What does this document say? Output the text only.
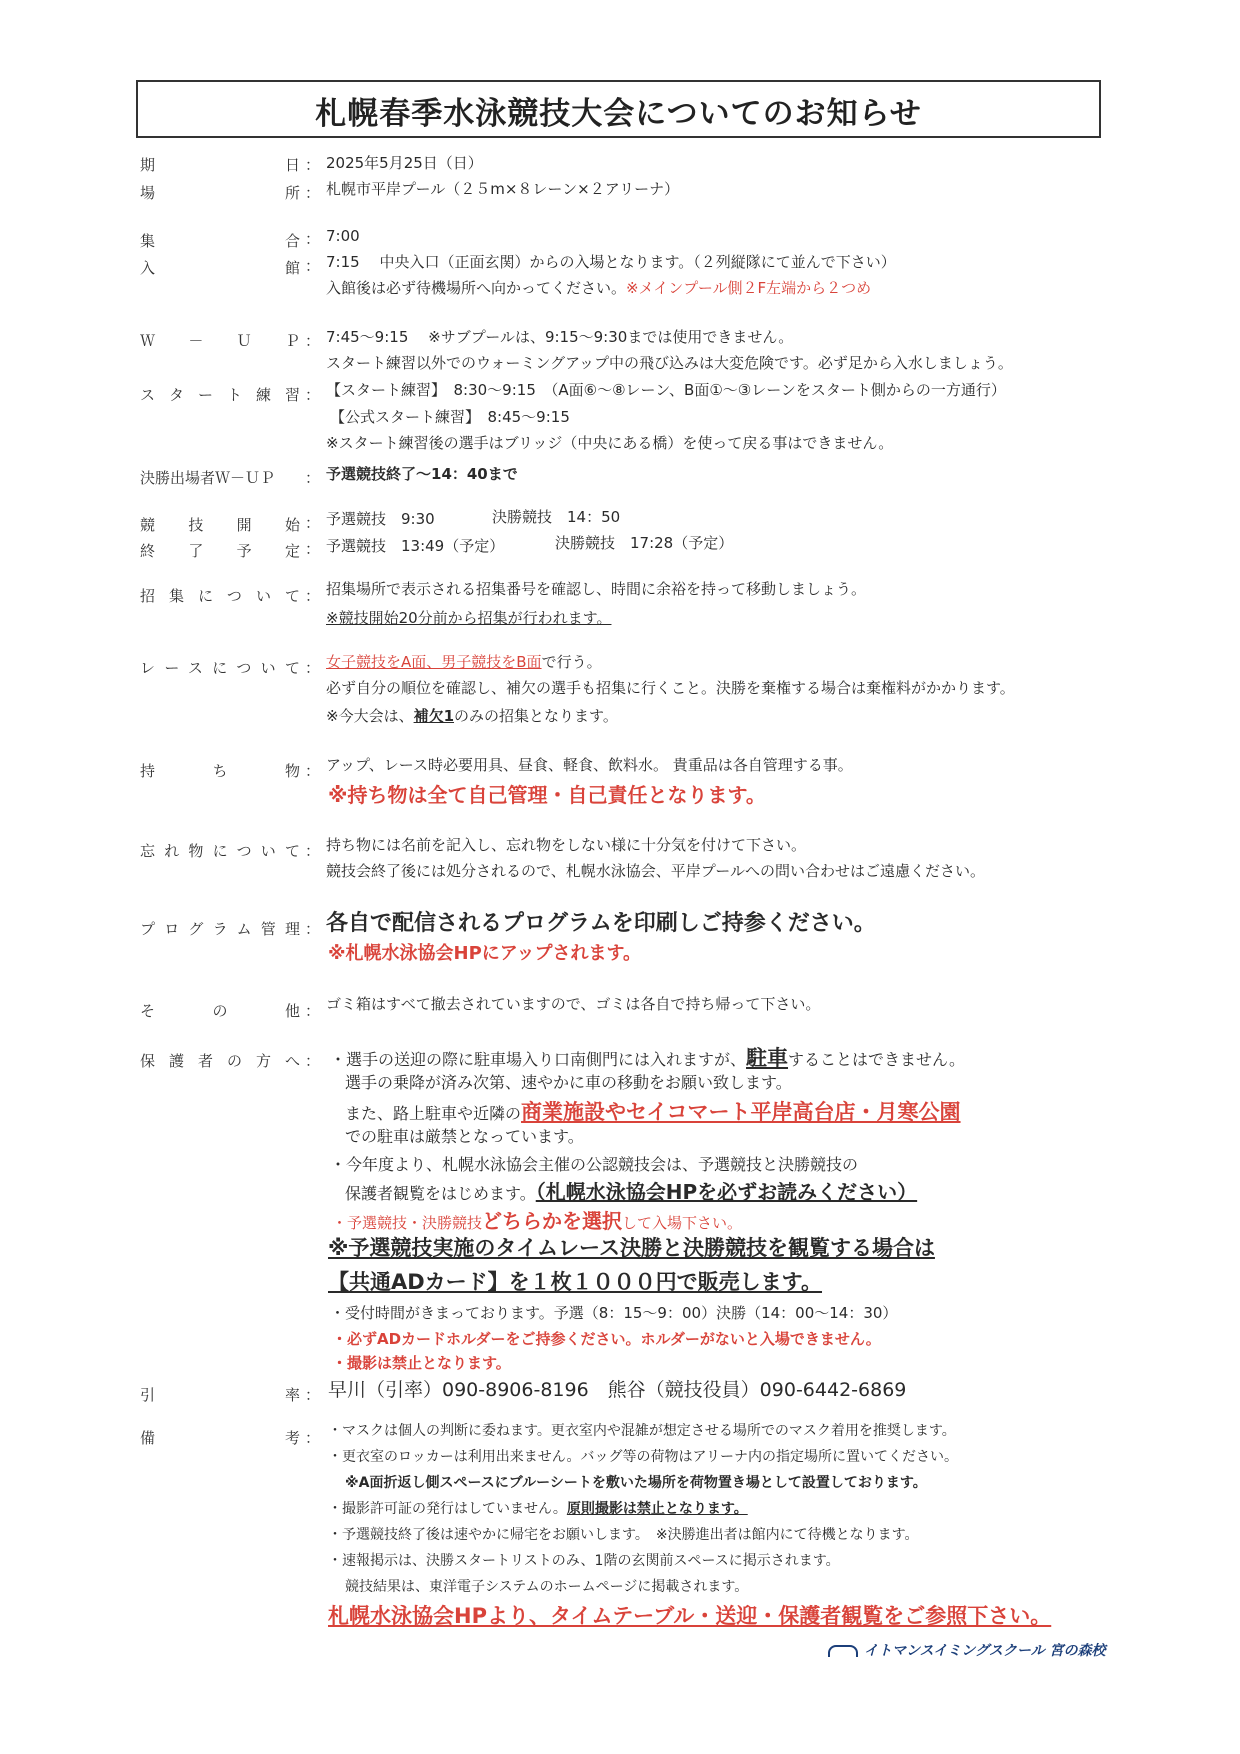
札幌春季水泳競技大会についてのお知らせ
期日 ： 2025年5月25日（日）
場所 ： 札幌市平岸プール（２５m×８レーン×２アリーナ）
集合 ： 7:00
入館 ： 7:15　 中央入口（正面玄関）からの入場となります。（２列縦隊にて並んで下さい）
入館後は必ず待機場所へ向かってください。※メインプール側２F左端から２つめ
Ｗ－ＵＰ ： 7:45〜9:15　 ※サブプールは、9:15〜9:30までは使用できません。
スタート練習以外でのウォーミングアップ中の飛び込みは大変危険です。必ず足から入水しましょう。
スタート練習 ： 【スタート練習】　8:30〜9:15　（A面⑥〜⑧レーン、B面①〜③レーンをスタート側からの一方通行）
【公式スタート練習】　8:45〜9:15
※スタート練習後の選手はブリッジ（中央にある橋）を使って戻る事はできません。
決勝出場者Ｗ－ＵＰ	： 予選競技終了〜14：40まで
競技開始 ： 予選競技　9:30	決勝競技　14：50
終了予定 ： 予選競技　13:49（予定）	決勝競技　17:28（予定）
招集について ： 招集場所で表示される招集番号を確認し、時間に余裕を持って移動しましょう。
※競技開始20分前から招集が行われます。
レースについて ： 女子競技をA面、男子競技をB面で行う。
必ず自分の順位を確認し、補欠の選手も招集に行くこと。決勝を棄権する場合は棄権料がかかります。
※今大会は、補欠1のみの招集となります。
持ち物 ： アップ、レース時必要用具、昼食、軽食、飲料水。 貴重品は各自管理する事。
※持ち物は全て自己管理・自己責任となります。
忘れ物について ： 持ち物には名前を記入し、忘れ物をしない様に十分気を付けて下さい。
競技会終了後には処分されるので、札幌水泳協会、平岸プールへの問い合わせはご遠慮ください。
プログラム管理 ： 各自で配信されるプログラムを印刷しご持参ください。
※札幌水泳協会HPにアップされます。
その他 ： ゴミ箱はすべて撤去されていますので、ゴミは各自で持ち帰って下さい。
保護者の方へ ： ・選手の送迎の際に駐車場入り口南側門には入れますが、駐車することはできません。
選手の乗降が済み次第、速やかに車の移動をお願い致します。
また、路上駐車や近隣の商業施設やセイコマート平岸高台店・月寒公園
での駐車は厳禁となっています。
・今年度より、札幌水泳協会主催の公認競技会は、予選競技と決勝競技の
保護者観覧をはじめます。（札幌水泳協会HPを必ずお読みください）
・予選競技・決勝競技どちらかを選択して入場下さい。
※予選競技実施のタイムレース決勝と決勝競技を観覧する場合は
【共通ADカード】を１枚１０００円で販売します。
・受付時間がきまっております。予選（8：15〜9：00）決勝（14：00〜14：30）
・必ずADカードホルダーをご持参ください。ホルダーがないと入場できません。
・撮影は禁止となります。
引率 ： 早川（引率）090-8906-8196　熊谷（競技役員）090-6442-6869
備考 ： ・マスクは個人の判断に委ねます。更衣室内や混雑が想定させる場所でのマスク着用を推奨します。
・更衣室のロッカーは利用出来ません。バッグ等の荷物はアリーナ内の指定場所に置いてください。
※A面折返し側スペースにブルーシートを敷いた場所を荷物置き場として設置しております。
・撮影許可証の発行はしていません。原則撮影は禁止となります。
・予選競技終了後は速やかに帰宅をお願いします。　※決勝進出者は館内にて待機となります。
・速報掲示は、決勝スタートリストのみ、1階の玄関前スペースに掲示されます。
競技結果は、東洋電子システムのホームページに掲載されます。
札幌水泳協会HPより、タイムテーブル・送迎・保護者観覧をご参照下さい。
イトマンスイミングスクール 宮の森校
